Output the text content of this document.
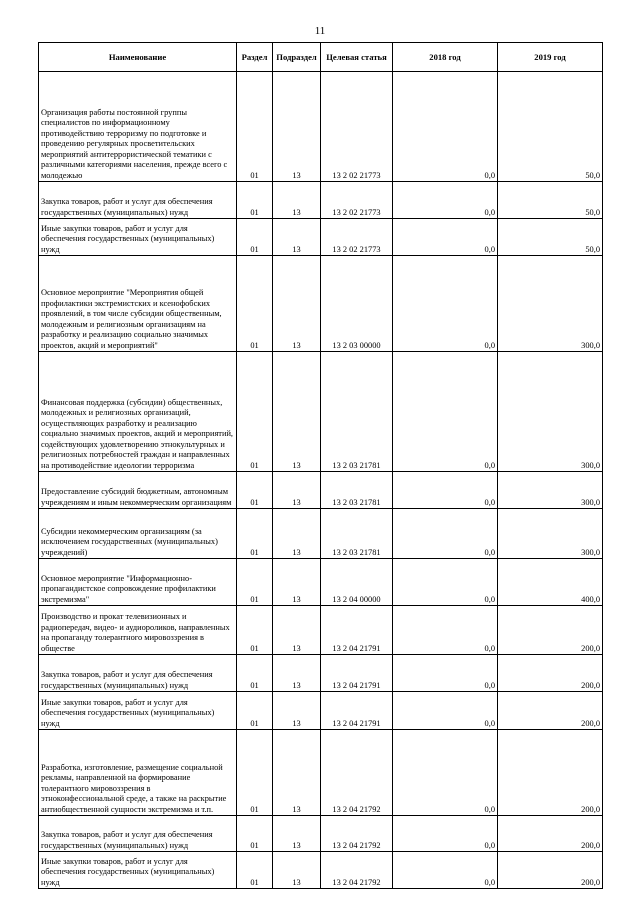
11
Наименование	Раздел	Подраздел	Целевая статья	2018 год	2019 год
Организация работы постоянной группы специалистов по информационному противодействию терроризму по подготовке и проведению регулярных просветительских мероприятий антитеррористической тематики с различными категориями населения, прежде всего с молодежью	01	13	13 2 02 21773	0,0	50,0
Закупка товаров, работ и услуг для обеспечения государственных (муниципальных) нужд	01	13	13 2 02 21773	0,0	50,0
Иные закупки товаров, работ и услуг для обеспечения государственных (муниципальных) нужд	01	13	13 2 02 21773	0,0	50,0
Основное мероприятие "Мероприятия общей профилактики экстремистских и ксенофобских проявлений, в том числе субсидии общественным, молодежным и религиозным организациям на разработку и реализацию социально значимых проектов, акций и мероприятий"	01	13	13 2 03 00000	0,0	300,0
Финансовая поддержка (субсидии) общественных, молодежных и религиозных организаций, осуществляющих разработку и реализацию социально значимых проектов, акций и мероприятий, содействующих удовлетворению этнокультурных и религиозных потребностей граждан и направленных на противодействие идеологии терроризма	01	13	13 2 03 21781	0,0	300,0
Предоставление субсидий бюджетным, автономным учреждениям и иным некоммерческим организациям	01	13	13 2 03 21781	0,0	300,0
Субсидии некоммерческим организациям (за исключением государственных (муниципальных) учреждений)	01	13	13 2 03 21781	0,0	300,0
Основное мероприятие "Информационно-пропагандистское сопровождение профилактики экстремизма"	01	13	13 2 04 00000	0,0	400,0
Производство и прокат телевизионных и радиопередач, видео- и аудиороликов, направленных на пропаганду толерантного мировоззрения в обществе	01	13	13 2 04 21791	0,0	200,0
Закупка товаров, работ и услуг для обеспечения государственных (муниципальных) нужд	01	13	13 2 04 21791	0,0	200,0
Иные закупки товаров, работ и услуг для обеспечения государственных (муниципальных) нужд	01	13	13 2 04 21791	0,0	200,0
Разработка, изготовление, размещение социальной рекламы, направленной на формирование толерантного мировоззрения в этноконфессиональной среде, а также на раскрытие антиобщественной сущности экстремизма и т.п.	01	13	13 2 04 21792	0,0	200,0
Закупка товаров, работ и услуг для обеспечения государственных (муниципальных) нужд	01	13	13 2 04 21792	0,0	200,0
Иные закупки товаров, работ и услуг для обеспечения государственных (муниципальных) нужд	01	13	13 2 04 21792	0,0	200,0
